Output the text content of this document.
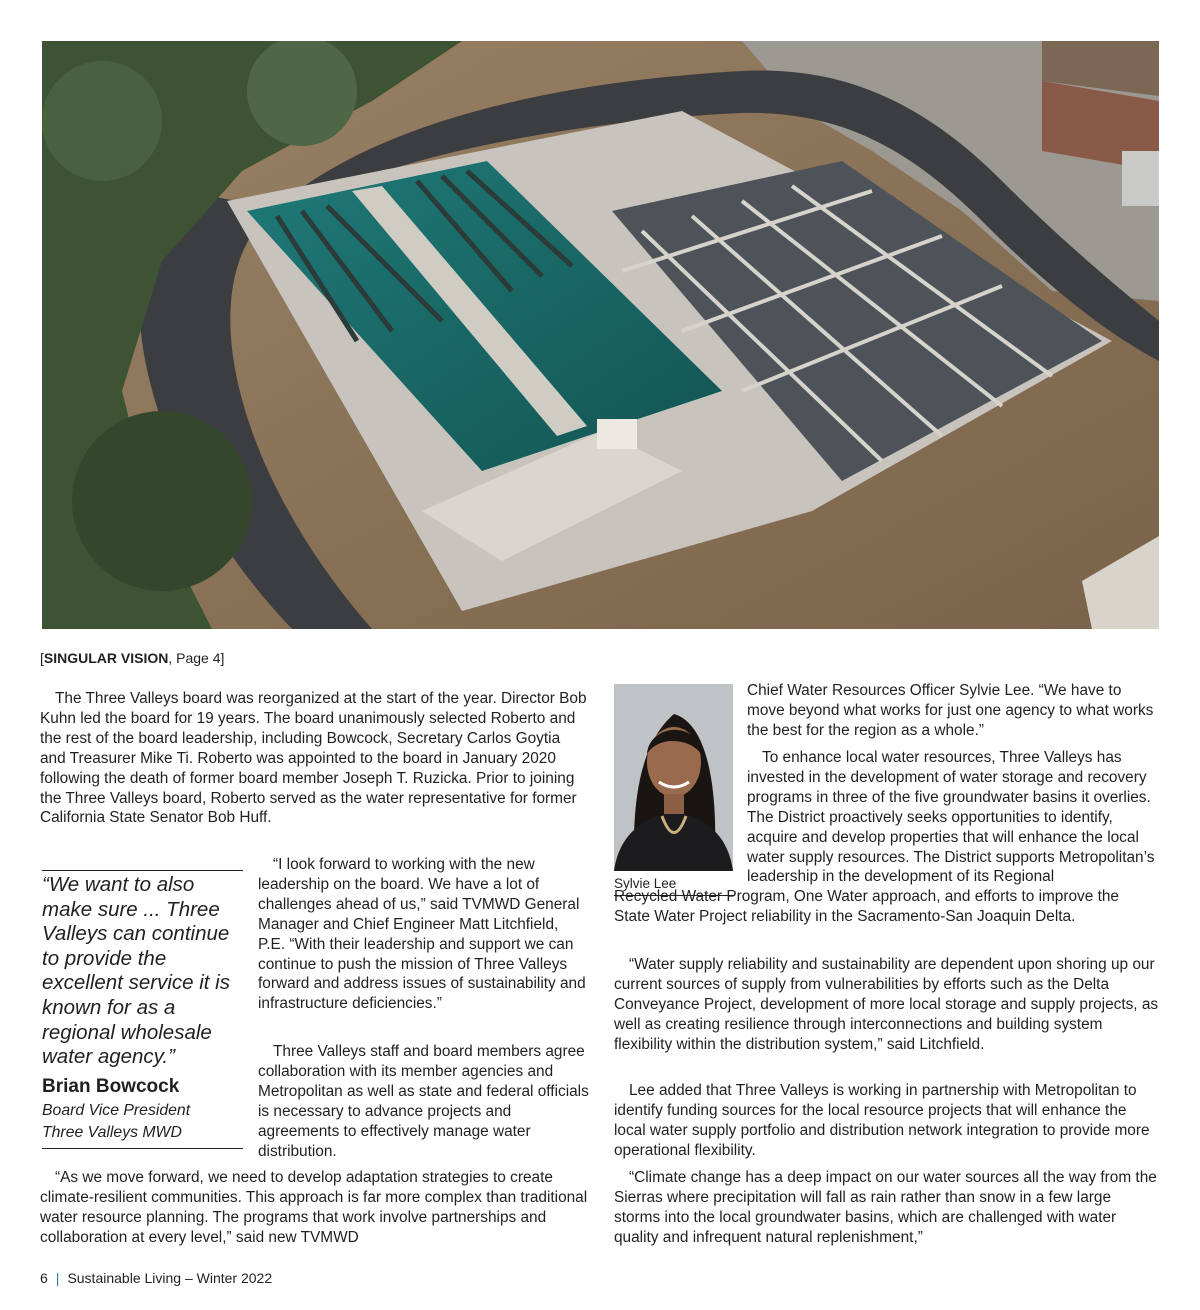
[SINGULAR VISION, Page 4]

The Three Valleys board was reorganized at the start of the year. Director Bob Kuhn led the board for 19 years. The board unanimously selected Roberto and the rest of the board leadership, including Bowcock, Secretary Carlos Goytia and Treasurer Mike Ti. Roberto was appointed to the board in January 2020 following the death of former board member Joseph T. Ruzicka. Prior to joining the Three Valleys board, Roberto served as the water representative for former California State Senator Bob Huff.

“We want to also make sure ... Three Valleys can continue to provide the excellent service it is known for as a regional wholesale water agency.”

Brian Bowcock

Board Vice President
Three Valleys MWD

“I look forward to working with the new leadership on the board. We have a lot of challenges ahead of us,” said TVMWD General Manager and Chief Engineer Matt Litchfield, P.E. “With their leadership and support we can continue to push the mission of Three Valleys forward and address issues of sustainability and infrastructure deficiencies.”

Three Valleys staff and board members agree collaboration with its member agencies and Metropolitan as well as state and federal officials is necessary to advance projects and agreements to effectively manage water distribution.

“As we move forward, we need to develop adaptation strategies to create climate-resilient communities. This approach is far more complex than traditional water resource planning. The programs that work involve partnerships and collaboration at every level,” said new TVMWD

Sylvie Lee

Chief Water Resources Officer Sylvie Lee. “We have to move beyond what works for just one agency to what works the best for the region as a whole.”

To enhance local water resources, Three Valleys has invested in the development of water storage and recovery programs in three of the five groundwater basins it overlies. The District proactively seeks opportunities to identify, acquire and develop properties that will enhance the local water supply resources. The District supports Metropolitan’s leadership in the development of its Regional
Recycled Water Program, One Water approach, and efforts to improve the State Water Project reliability in the Sacramento-San Joaquin Delta.

“Water supply reliability and sustainability are dependent upon shoring up our current sources of supply from vulnerabilities by efforts such as the Delta Conveyance Project, development of more local storage and supply projects, as well as creating resilience through interconnections and building system flexibility within the distribution system,” said Litchfield.

Lee added that Three Valleys is working in partnership with Metropolitan to identify funding sources for the local resource projects that will enhance the local water supply portfolio and distribution network integration to provide more operational flexibility.

“Climate change has a deep impact on our water sources all the way from the Sierras where precipitation will fall as rain rather than snow in a few large storms into the local groundwater basins, which are challenged with water quality and infrequent natural replenishment,”

6 | Sustainable Living – Winter 2022
